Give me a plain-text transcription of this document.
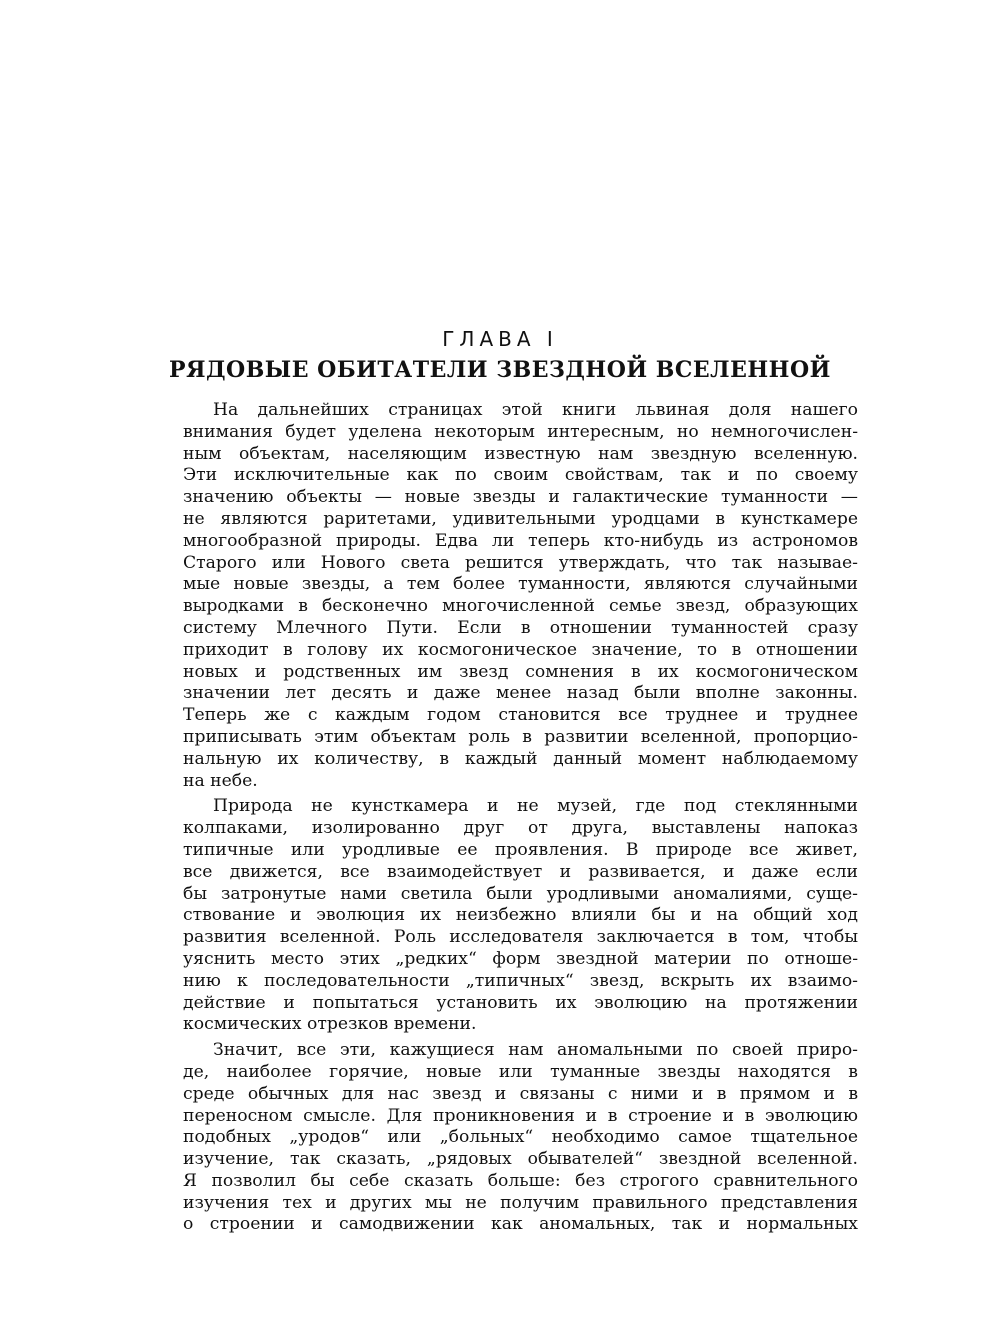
ГЛАВА I
РЯДОВЫЕ ОБИТАТЕЛИ ЗВЕЗДНОЙ ВСЕЛЕННОЙ
На дальнейших страницах этой книги львиная доля нашего
внимания будет уделена некоторым интересным, но немногочислен-
ным объектам, населяющим известную нам звездную вселенную.
Эти исключительные как по своим свойствам, так и по своему
значению объекты — новые звезды и галактические туманности —
не являются раритетами, удивительными уродцами в кунсткамере
многообразной природы. Едва ли теперь кто-нибудь из астрономов
Старого или Нового света решится утверждать, что так называе-
мые новые звезды, а тем более туманности, являются случайными
выродками в бесконечно многочисленной семье звезд, образующих
систему Млечного Пути. Если в отношении туманностей сразу
приходит в голову их космогоническое значение, то в отношении
новых и родственных им звезд сомнения в их космогоническом
значении лет десять и даже менее назад были вполне законны.
Теперь же с каждым годом становится все труднее и труднее
приписывать этим объектам роль в развитии вселенной, пропорцио-
нальную их количеству, в каждый данный момент наблюдаемому
на небе.
Природа не кунсткамера и не музей, где под стеклянными
колпаками, изолированно друг от друга, выставлены напоказ
типичные или уродливые ее проявления. В природе все живет,
все движется, все взаимодействует и развивается, и даже если
бы затронутые нами светила были уродливыми аномалиями, суще-
ствование и эволюция их неизбежно влияли бы и на общий ход
развития вселенной. Роль исследователя заключается в том, чтобы
уяснить место этих „редких“ форм звездной материи по отноше-
нию к последовательности „типичных“ звезд, вскрыть их взаимо-
действие и попытаться установить их эволюцию на протяжении
космических отрезков времени.
Значит, все эти, кажущиеся нам аномальными по своей приро-
де, наиболее горячие, новые или туманные звезды находятся в
среде обычных для нас звезд и связаны с ними и в прямом и в
переносном смысле. Для проникновения и в строение и в эволюцию
подобных „уродов“ или „больных“ необходимо самое тщательное
изучение, так сказать, „рядовых обывателей“ звездной вселенной.
Я позволил бы себе сказать больше: без строгого сравнительного
изучения тех и других мы не получим правильного представления
о строении и самодвижении как аномальных, так и нормальных
